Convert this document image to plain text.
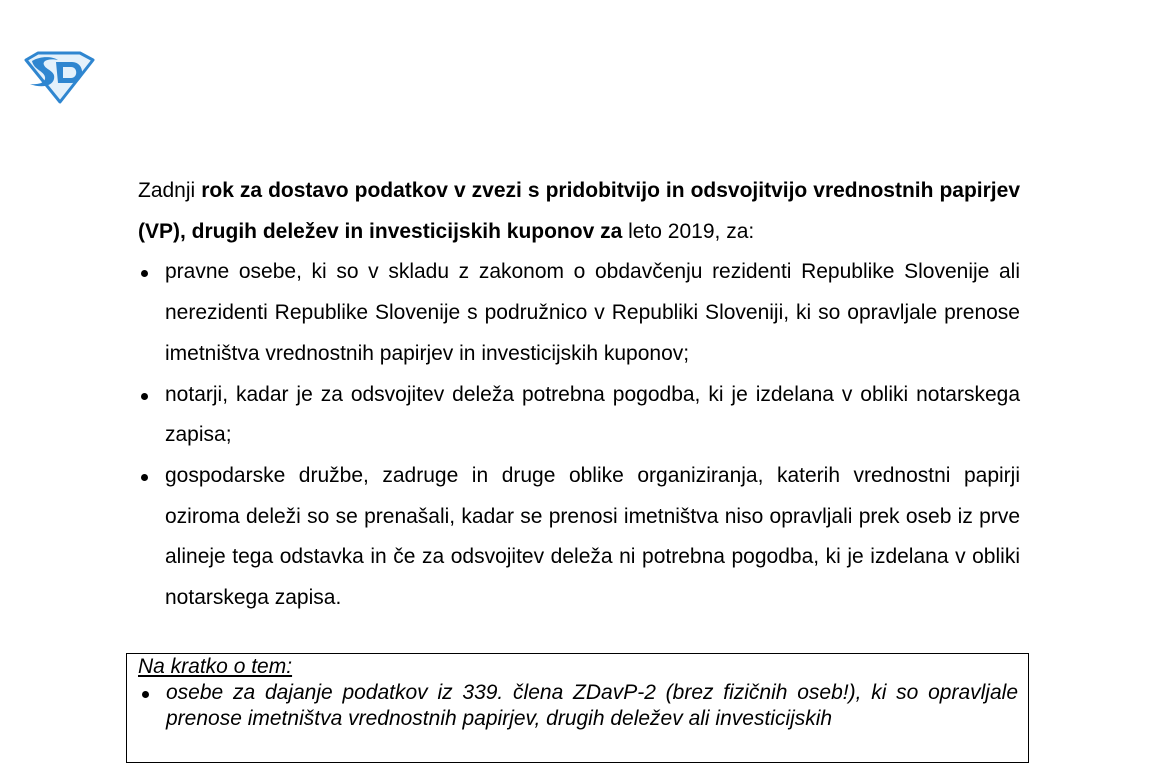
Zadnji rok za dostavo podatkov v zvezi s pridobitvijo in odsvojitvijo vrednostnih papirjev (VP), drugih deležev in investicijskih kuponov za leto 2019, za:

pravne osebe, ki so v skladu z zakonom o obdavčenju rezidenti Republike Slovenije ali nerezidenti Republike Slovenije s podružnico v Republiki Sloveniji, ki so opravljale prenose imetništva vrednostnih papirjev in investicijskih kuponov;
notarji, kadar je za odsvojitev deleža potrebna pogodba, ki je izdelana v obliki notarskega zapisa;
gospodarske družbe, zadruge in druge oblike organiziranja, katerih vrednostni papirji oziroma deleži so se prenašali, kadar se prenosi imetništva niso opravljali prek oseb iz prve alineje tega odstavka in če za odsvojitev deleža ni potrebna pogodba, ki je izdelana v obliki notarskega zapisa.

Na kratko o tem:

osebe za dajanje podatkov iz 339. člena ZDavP-2 (brez fizičnih oseb!), ki so opravljale prenose imetništva vrednostnih papirjev, drugih deležev ali investicijskih
